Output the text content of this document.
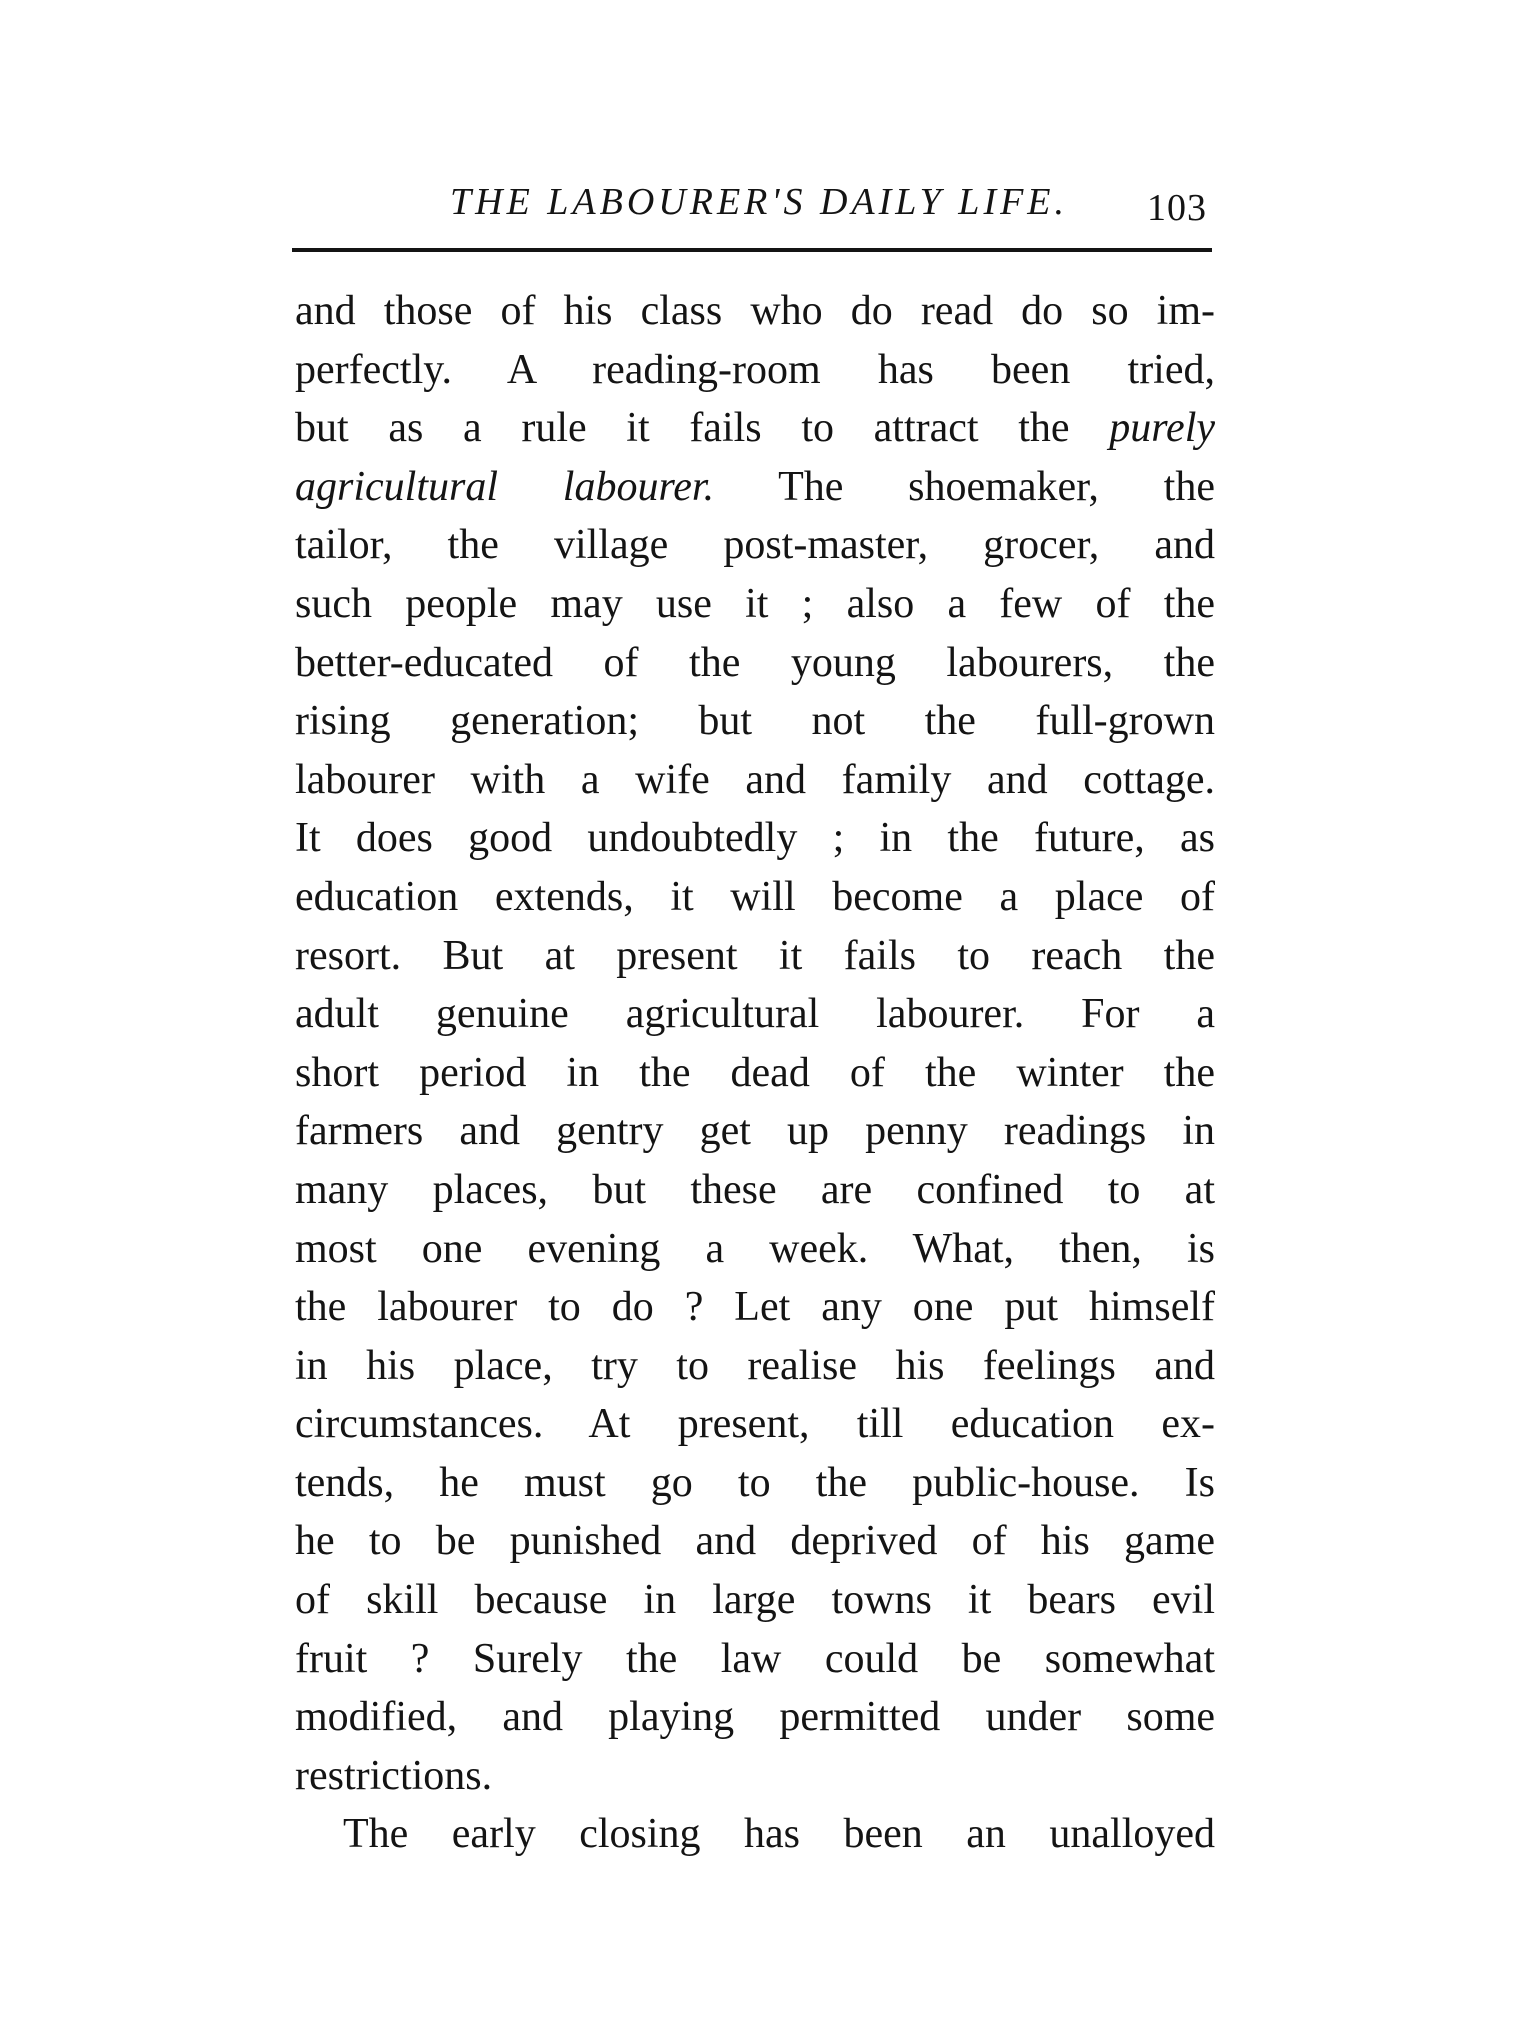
THE LABOURER'S DAILY LIFE. 103
and those of his class who do read do so im-
perfectly. A reading-room has been tried,
but as a rule it fails to attract the purely
agricultural labourer. The shoemaker, the
tailor, the village post-master, grocer, and
such people may use it ; also a few of the
better-educated of the young labourers, the
rising generation; but not the full-grown
labourer with a wife and family and cottage.
It does good undoubtedly ; in the future, as
education extends, it will become a place of
resort. But at present it fails to reach the
adult genuine agricultural labourer. For a
short period in the dead of the winter the
farmers and gentry get up penny readings in
many places, but these are confined to at
most one evening a week. What, then, is
the labourer to do ? Let any one put himself
in his place, try to realise his feelings and
circumstances. At present, till education ex-
tends, he must go to the public-house. Is
he to be punished and deprived of his game
of skill because in large towns it bears evil
fruit ? Surely the law could be somewhat
modified, and playing permitted under some
restrictions.
The early closing has been an unalloyed
